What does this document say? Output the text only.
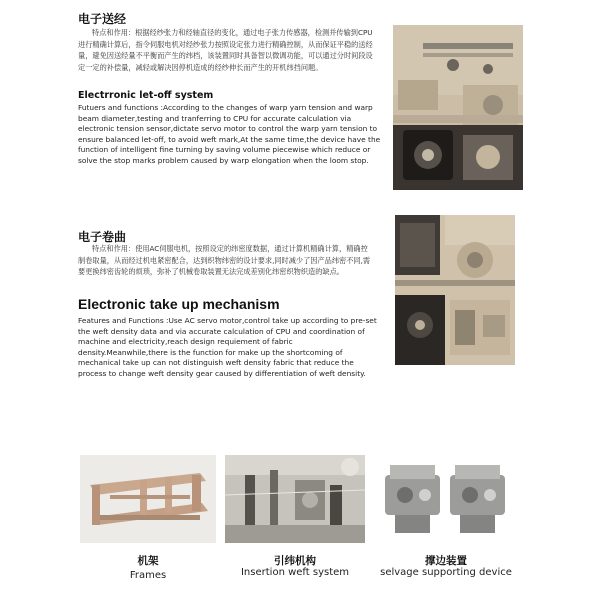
电子送经
特点和作用：根据经纱张力和经轴直径的变化，通过电子张力传感器，检测并传输到CPU进行精确计算后，指令伺服电机对经纱张力按照设定张力进行精确控制，从而保证平稳的送经量，避免因送经量不平衡而产生的纬档，该装置同时具备智以微调功能，可以通过分时间段设定一定的补偿量，减轻或解决因停机造成的经纱伸长而产生的开机纬挡问题。
Electrronic let-off system
Futuers and functions :According to the changes of warp yarn tension and warp beam diameter,testing and tranferring to CPU for accurate calculation via electronic tension sensor,dictate servo motor to control the warp yarn tension to ensure balanced let-off, to avoid weft mark,At the same time,the device have the function of intelligent fine turning by saving volume piecewise which reduce or solve the stop marks problem caused by warp elongation when the loom stop.
电子卷曲
特点和作用：使用AC伺服电机，按照设定的纬密度数据，通过计算机精确计算，精确控制卷取量，从而经过机电紧密配合，达到织物纬密的设计要求,同时减少了因产品纬密不同,需要更换纬密齿轮的烦琐，弥补了机械卷取装置无法完成差别化纬密织物织造的缺点。
Electronic take up mechanism
Features and Functions :Use AC servo motor,control take up according to pre-set the weft density data and via accurate calculation of CPU and coordination of machine and electricity,reach design requiement of fabric density.Meanwhile,there is the function for make up the shortcoming of mechanical take up can not distinguish weft density fabric that reduce the process to change weft density gear caused by differentiation of weft density.
机架
Frames
引纬机构
Insertion weft system
撑边装置
selvage supporting device
